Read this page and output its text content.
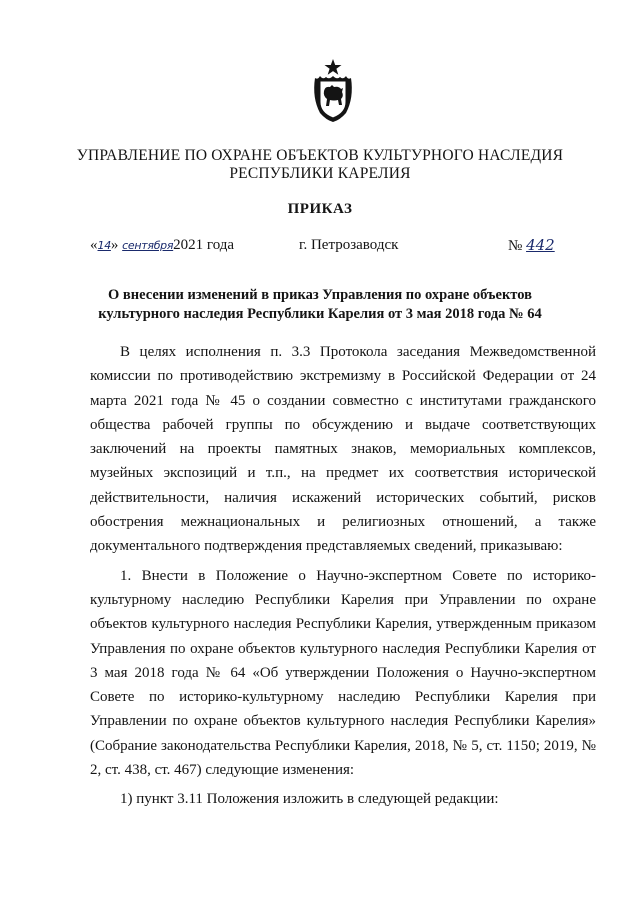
УПРАВЛЕНИЕ ПО ОХРАНЕ ОБЪЕКТОВ КУЛЬТУРНОГО НАСЛЕДИЯ
РЕСПУБЛИКИ КАРЕЛИЯ
ПРИКАЗ
«14» сентября2021 года	г. Петрозаводск	№ 442
О внесении изменений в приказ Управления по охране объектов
культурного наследия Республики Карелия от 3 мая 2018 года № 64

В целях исполнения п. 3.3 Протокола заседания Межведомственной комиссии по противодействию экстремизму в Российской Федерации от 24 марта 2021 года № 45 о создании совместно с институтами гражданского общества рабочей группы по обсуждению и выдаче соответствующих заключений на проекты памятных знаков, мемориальных комплексов, музейных экспозиций и т.п., на предмет их соответствия исторической действительности, наличия искажений исторических событий, рисков обострения межнациональных и религиозных отношений, а также документального подтверждения представляемых сведений, приказываю:

1. Внести в Положение о Научно-экспертном Совете по историко-культурному наследию Республики Карелия при Управлении по охране объектов культурного наследия Республики Карелия, утвержденным приказом Управления по охране объектов культурного наследия Республики Карелия от 3 мая 2018 года № 64 «Об утверждении Положения о Научно-экспертном Совете по историко-культурному наследию Республики Карелия при Управлении по охране объектов культурного наследия Республики Карелия» (Собрание законодательства Республики Карелия, 2018, № 5, ст. 1150; 2019, № 2, ст. 438, ст. 467) следующие изменения:

1) пункт 3.11 Положения изложить в следующей редакции:
